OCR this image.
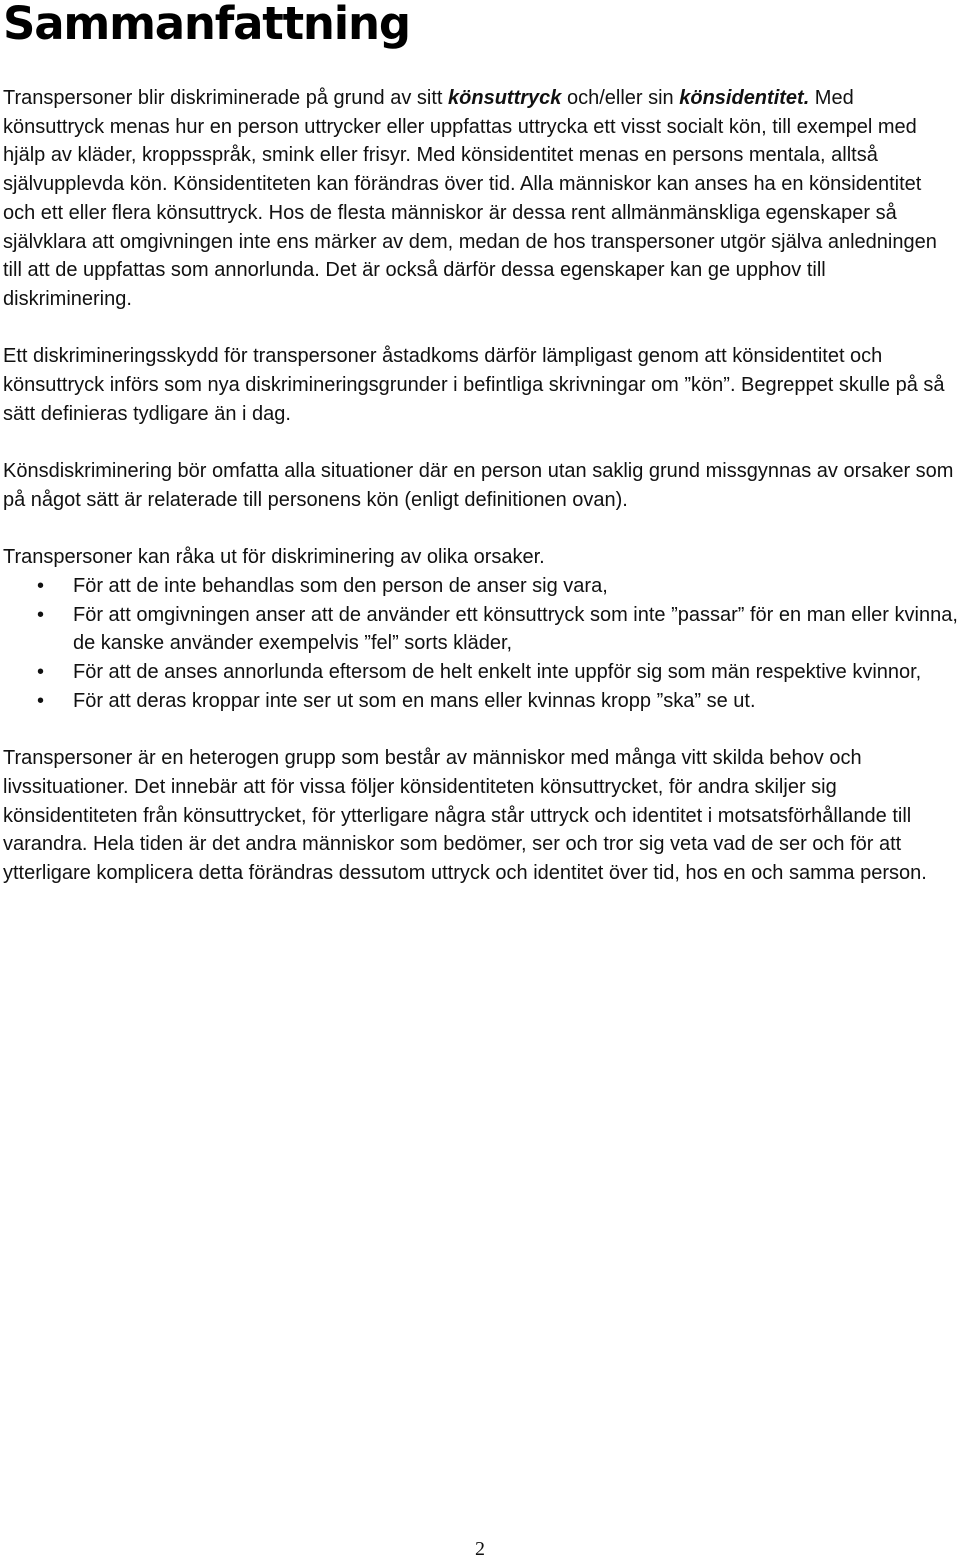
Sammanfattning

Transpersoner blir diskriminerade på grund av sitt könsuttryck och/eller sin könsidentitet. Med könsuttryck menas hur en person uttrycker eller uppfattas uttrycka ett visst socialt kön, till exempel med hjälp av kläder, kroppsspråk, smink eller frisyr. Med könsidentitet menas en persons mentala, alltså självupplevda kön. Könsidentiteten kan förändras över tid. Alla människor kan anses ha en könsidentitet och ett eller flera könsuttryck. Hos de flesta människor är dessa rent allmänmänskliga egenskaper så självklara att omgivningen inte ens märker av dem, medan de hos transpersoner utgör själva anledningen till att de uppfattas som annorlunda. Det är också därför dessa egenskaper kan ge upphov till diskriminering.

Ett diskrimineringsskydd för transpersoner åstadkoms därför lämpligast genom att könsidentitet och könsuttryck införs som nya diskrimineringsgrunder i befintliga skrivningar om ”kön”. Begreppet skulle på så sätt definieras tydligare än i dag.

Könsdiskriminering bör omfatta alla situationer där en person utan saklig grund missgynnas av orsaker som på något sätt är relaterade till personens kön (enligt definitionen ovan).

Transpersoner kan råka ut för diskriminering av olika orsaker.

• För att de inte behandlas som den person de anser sig vara,
• För att omgivningen anser att de använder ett könsuttryck som inte ”passar” för en man eller kvinna, de kanske använder exempelvis ”fel” sorts kläder,
• För att de anses annorlunda eftersom de helt enkelt inte uppför sig som män respektive kvinnor,
• För att deras kroppar inte ser ut som en mans eller kvinnas kropp ”ska” se ut.

Transpersoner är en heterogen grupp som består av människor med många vitt skilda behov och livssituationer. Det innebär att för vissa följer könsidentiteten könsuttrycket, för andra skiljer sig könsidentiteten från könsuttrycket, för ytterligare några står uttryck och identitet i motsatsförhållande till varandra. Hela tiden är det andra människor som bedömer, ser och tror sig veta vad de ser och för att ytterligare komplicera detta förändras dessutom uttryck och identitet över tid, hos en och samma person.

2
